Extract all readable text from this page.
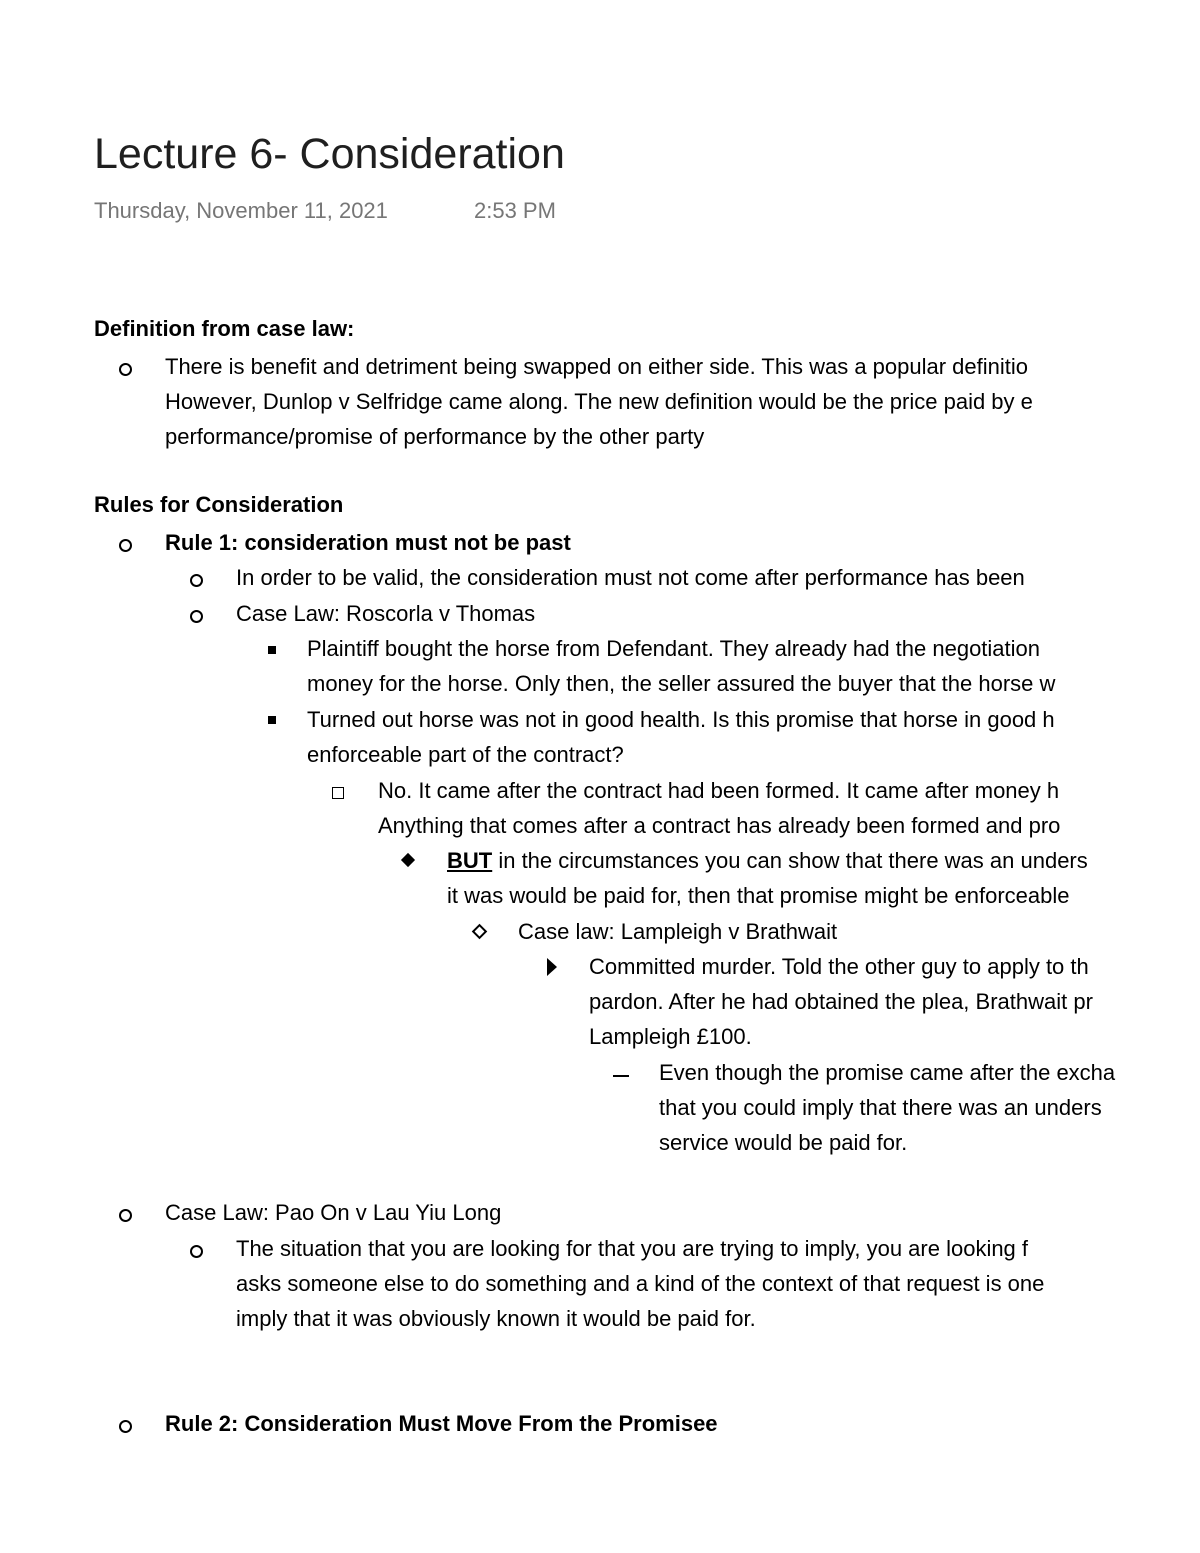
Lecture 6- Consideration
Thursday, November 11, 2021	2:53 PM

Definition from case law:

There is benefit and detriment being swapped on either side. This was a popular definitio
However, Dunlop v Selfridge came along. The new definition would be the price paid by e
performance/promise of performance by the other party

Rules for Consideration

Rule 1: consideration must not be past
In order to be valid, the consideration must not come after performance has been
Case Law: Roscorla v Thomas
Plaintiff bought the horse from Defendant. They already had the negotiation
money for the horse. Only then, the seller assured the buyer that the horse w
Turned out horse was not in good health. Is this promise that horse in good h
enforceable part of the contract?
No. It came after the contract had been formed. It came after money h
Anything that comes after a contract has already been formed and pro
BUT in the circumstances you can show that there was an unders
it was would be paid for, then that promise might be enforceable
Case law: Lampleigh v Brathwait
Committed murder. Told the other guy to apply to th
pardon. After he had obtained the plea, Brathwait pr
Lampleigh £100.
Even though the promise came after the excha
that you could imply that there was an unders
service would be paid for.
Case Law: Pao On v Lau Yiu Long
The situation that you are looking for that you are trying to imply, you are looking f
asks someone else to do something and a kind of the context of that request is one
imply that it was obviously known it would be paid for.
Rule 2: Consideration Must Move From the Promisee
